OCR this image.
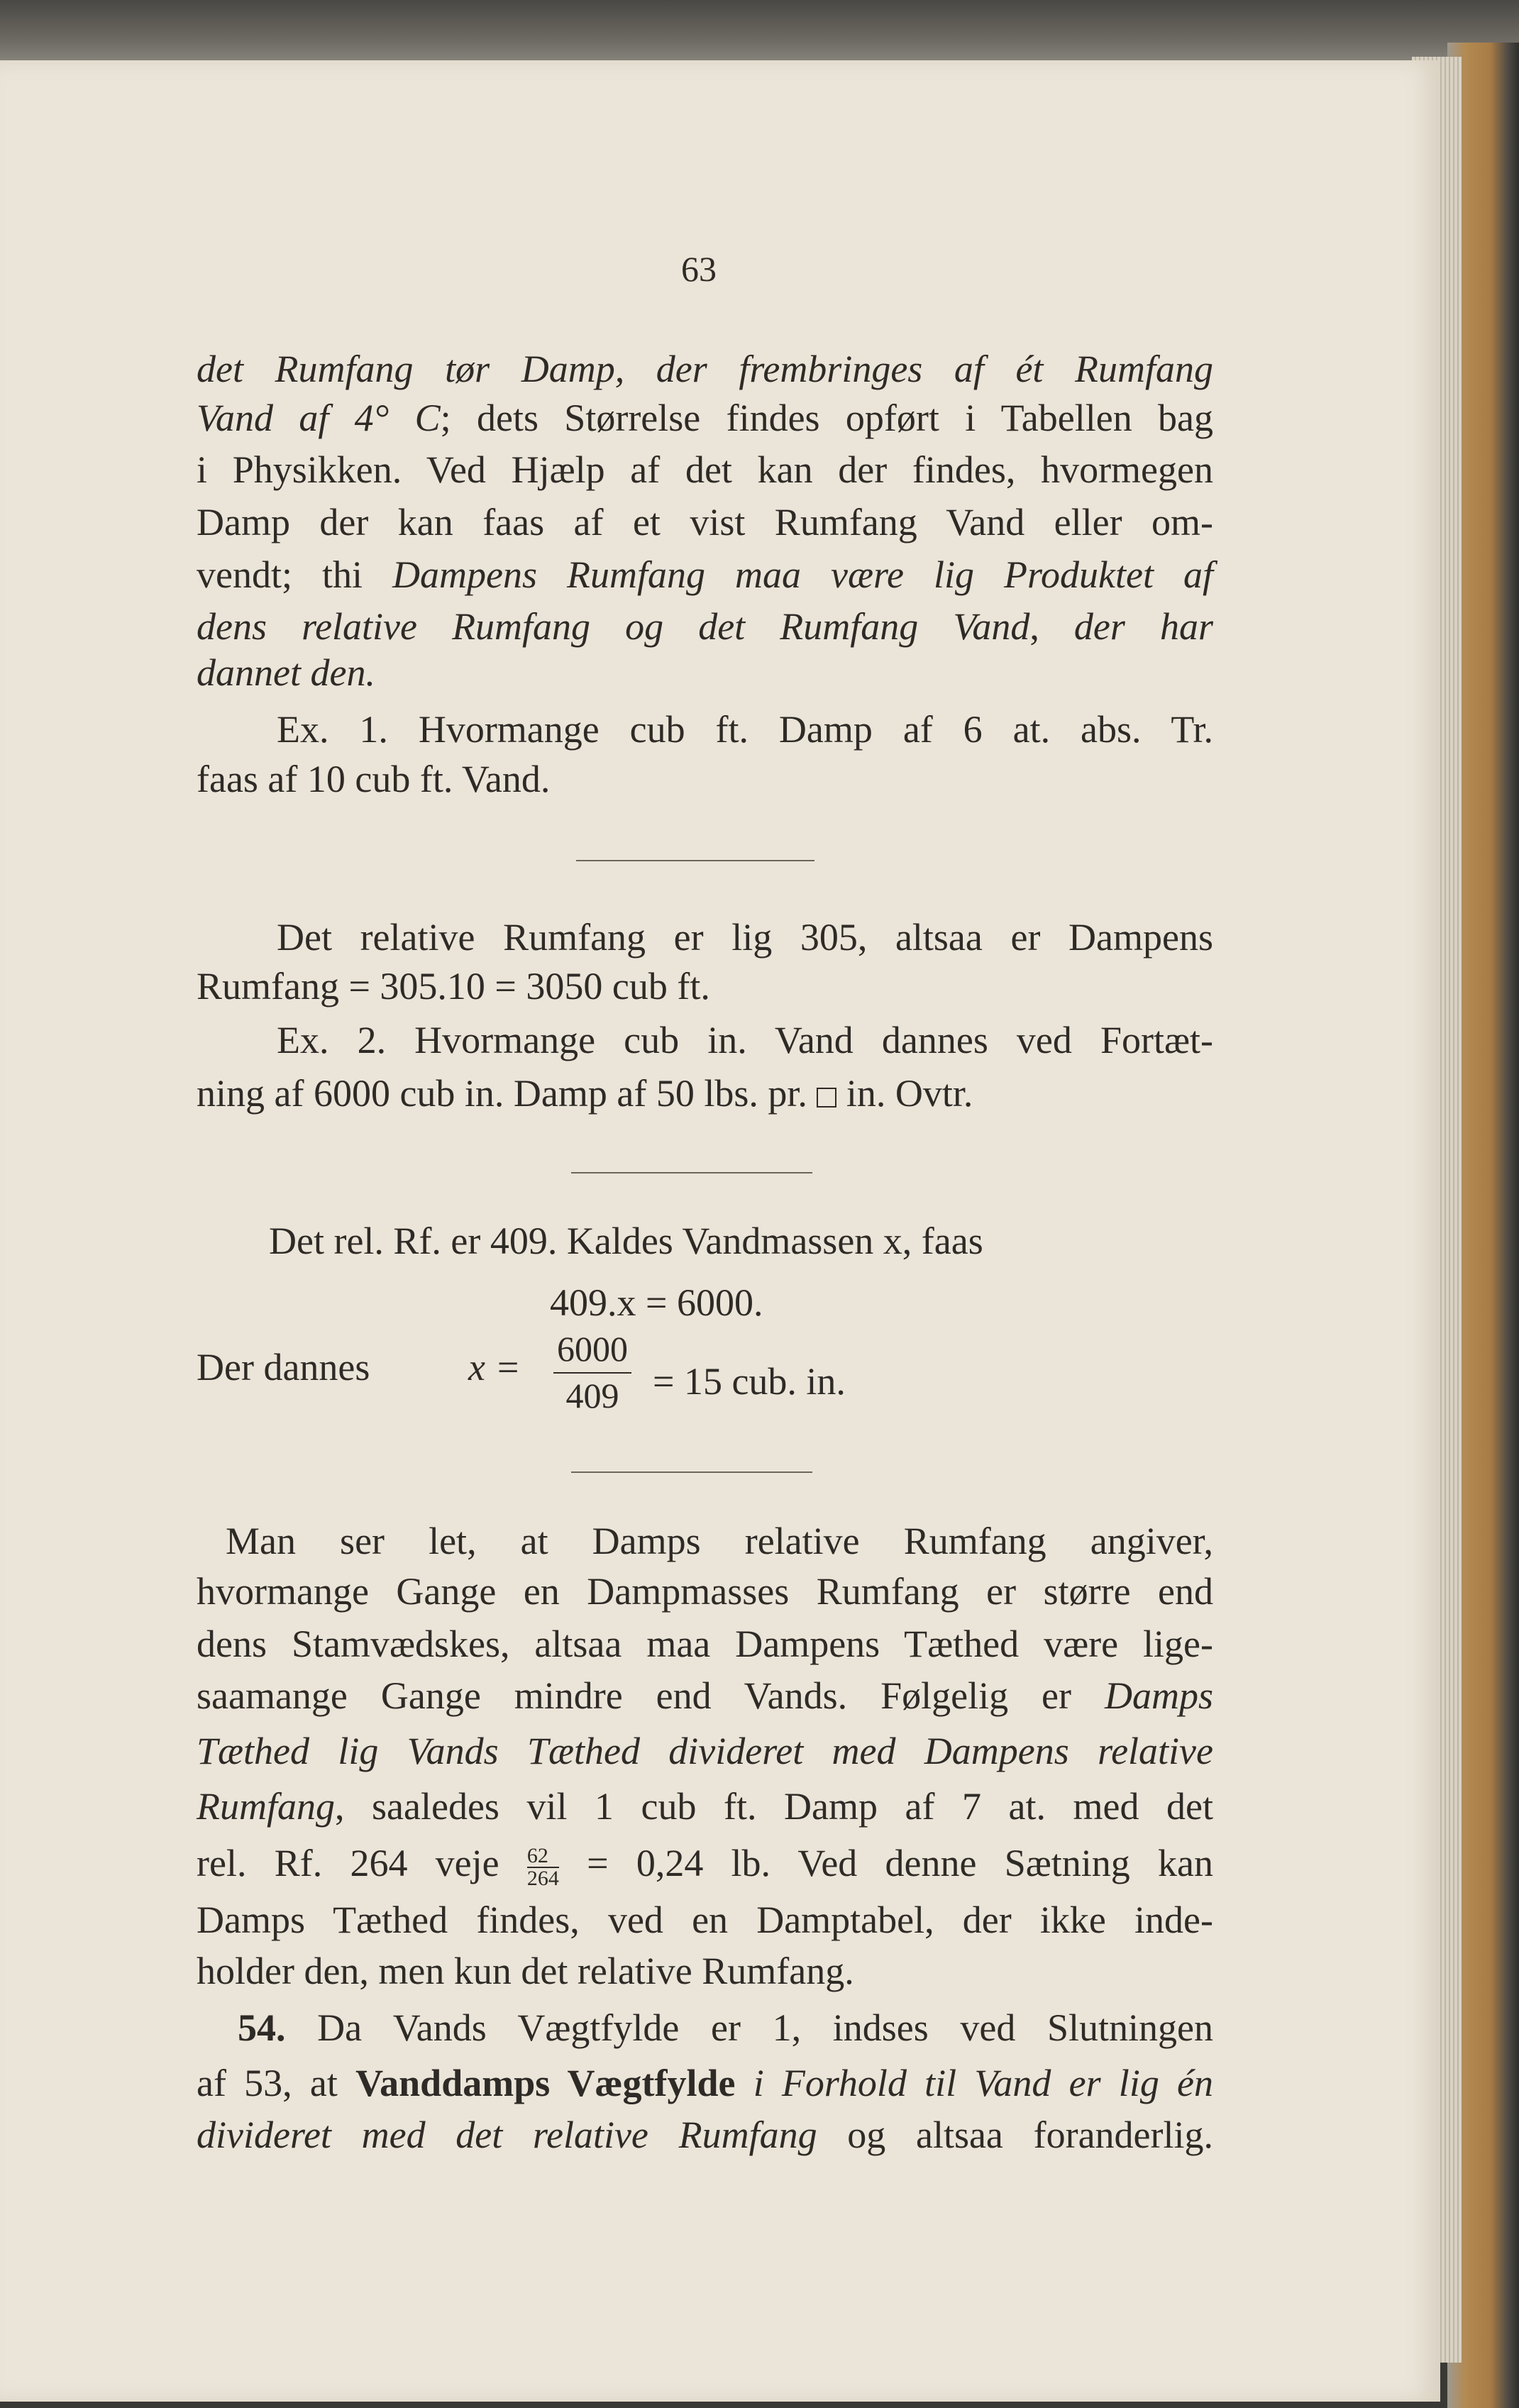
63
det Rumfang tør Damp, der frembringes af ét Rumfang
Vand af 4° C; dets Størrelse findes opført i Tabellen bag
i Physikken. Ved Hjælp af det kan der findes, hvormegen
Damp der kan faas af et vist Rumfang Vand eller om-
vendt; thi Dampens Rumfang maa være lig Produktet af
dens relative Rumfang og det Rumfang Vand, der har
dannet den.
Ex. 1. Hvormange cub ft. Damp af 6 at. abs. Tr.
faas af 10 cub ft. Vand.
Det relative Rumfang er lig 305, altsaa er Dampens
Rumfang = 305.10 = 3050 cub ft.
Ex. 2. Hvormange cub in. Vand dannes ved Fortæt-
ning af 6000 cub in. Damp af 50 lbs. pr. in. Ovtr.
Det rel. Rf. er 409. Kaldes Vandmassen x, faas
409.x = 6000.
Der dannes	x =	6000
409 = 15 cub. in.
Man ser let, at Damps relative Rumfang angiver,
hvormange Gange en Dampmasses Rumfang er større end
dens Stamvædskes, altsaa maa Dampens Tæthed være lige-
saamange Gange mindre end Vands. Følgelig er Damps
Tæthed lig Vands Tæthed divideret med Dampens relative
Rumfang, saaledes vil 1 cub ft. Damp af 7 at. med det
rel. Rf. 264 veje $\frac{62}{264} = 0,24$ lb. Ved denne Sætning kan
Damps Tæthed findes, ved en Damptabel, der ikke inde-
holder den, men kun det relative Rumfang.
54. Da Vands Vægtfylde er 1, indses ved Slutningen
af 53, at Vanddamps Vægtfylde i Forhold til Vand er lig én
divideret med det relative Rumfang og altsaa foranderlig.
